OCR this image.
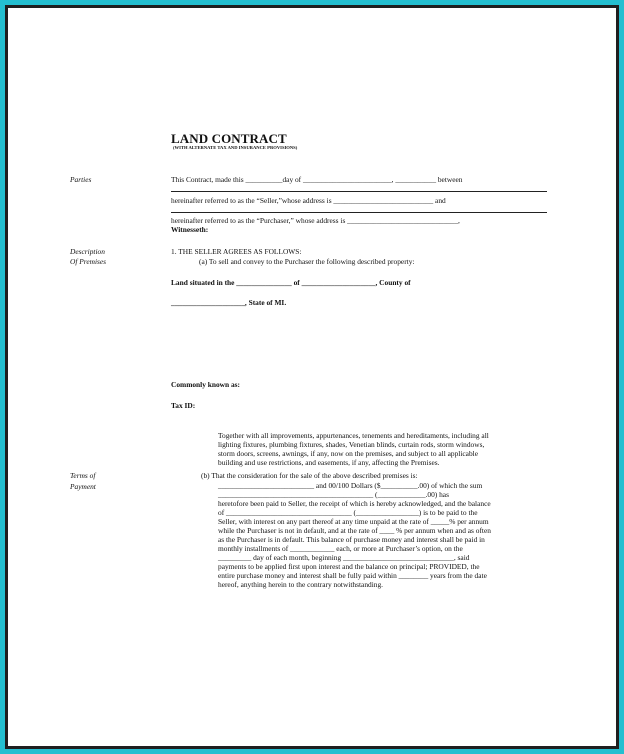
LAND CONTRACT
(WITH ALTERNATE TAX AND INSURANCE PROVISIONS)
Parties
Description
Of Premises
Terms of
Payment
This Contract, made this __________day of ________________________, ___________ between
hereinafter referred to as the “Seller,”whose address is ___________________________ and
hereinafter referred to as the “Purchaser,” whose address is ______________________________,
Witnesseth:
1. THE SELLER AGREES AS FOLLOWS:
(a) To sell and convey to the Purchaser the following described property:
Land situated in the _______________ of ____________________, County of
____________________, State of MI.
Commonly known as:
Tax ID:
Together with all improvements, appurtenances, tenements and hereditaments, including all
lighting fixtures, plumbing fixtures, shades, Venetian blinds, curtain rods, storm windows,
storm doors, screens, awnings, if any, now on the premises, and subject to all applicable
building and use restrictions, and easements, if any, affecting the Premises.
(b) That the consideration for the sale of the above described premises is:
__________________________ and 00/100 Dollars ($__________.00) of which the sum
__________________________________________ (_____________.00) has
heretofore been paid to Seller, the receipt of which is hereby acknowledged, and the balance
of __________________________________ (_________________) is to be paid to the
Seller, with interest on any part thereof at any time unpaid at the rate of _____% per annum
while the Purchaser is not in default, and at the rate of ____ % per annum when and as often
as the Purchaser is in default. This balance of purchase money and interest shall be paid in
monthly installments of ____________ each, or more at Purchaser’s option, on the
_________ day of each month, beginning ______________________________, said
payments to be applied first upon interest and the balance on principal; PROVIDED, the
entire purchase money and interest shall be fully paid within ________ years from the date
hereof, anything herein to the contrary notwithstanding.
